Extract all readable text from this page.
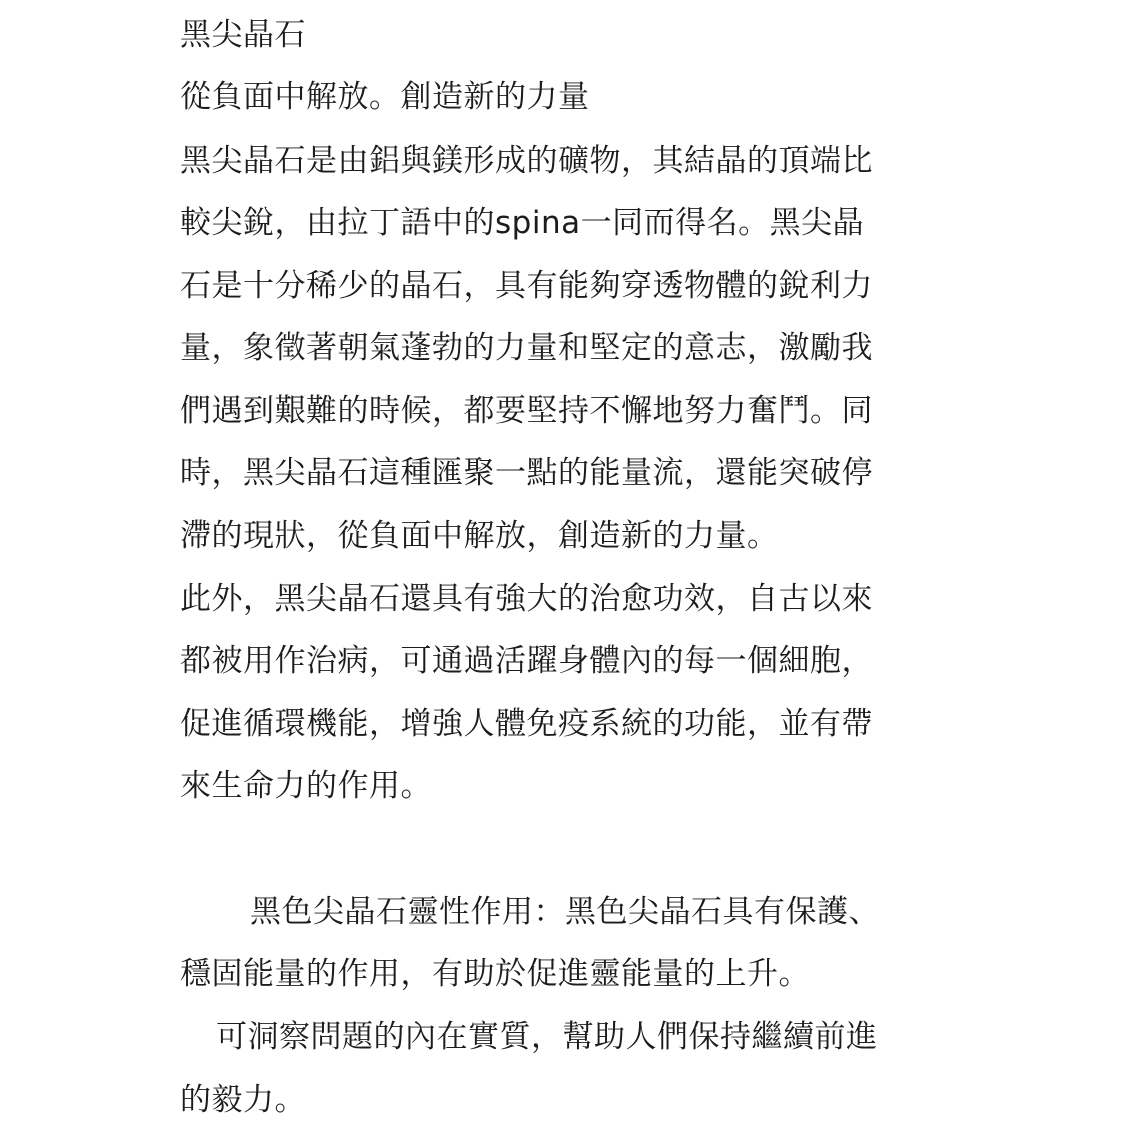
黑尖晶石
從負面中解放。創造新的力量
黑尖晶石是由鋁與鎂形成的礦物，其結晶的頂端比
較尖銳，由拉丁語中的spina一同而得名。黑尖晶
石是十分稀少的晶石，具有能夠穿透物體的銳利力
量，象徵著朝氣蓬勃的力量和堅定的意志，激勵我
們遇到艱難的時候，都要堅持不懈地努力奮鬥。同
時，黑尖晶石這種匯聚一點的能量流，還能突破停
滯的現狀，從負面中解放，創造新的力量。
此外，黑尖晶石還具有強大的治愈功效，自古以來
都被用作治病，可通過活躍身體內的每一個細胞，
促進循環機能，增強人體免疫系統的功能，並有帶
來生命力的作用。
黑色尖晶石靈性作用：黑色尖晶石具有保護、
穩固能量的作用，有助於促進靈能量的上升。
可洞察問題的內在實質，幫助人們保持繼續前進
的毅力。
